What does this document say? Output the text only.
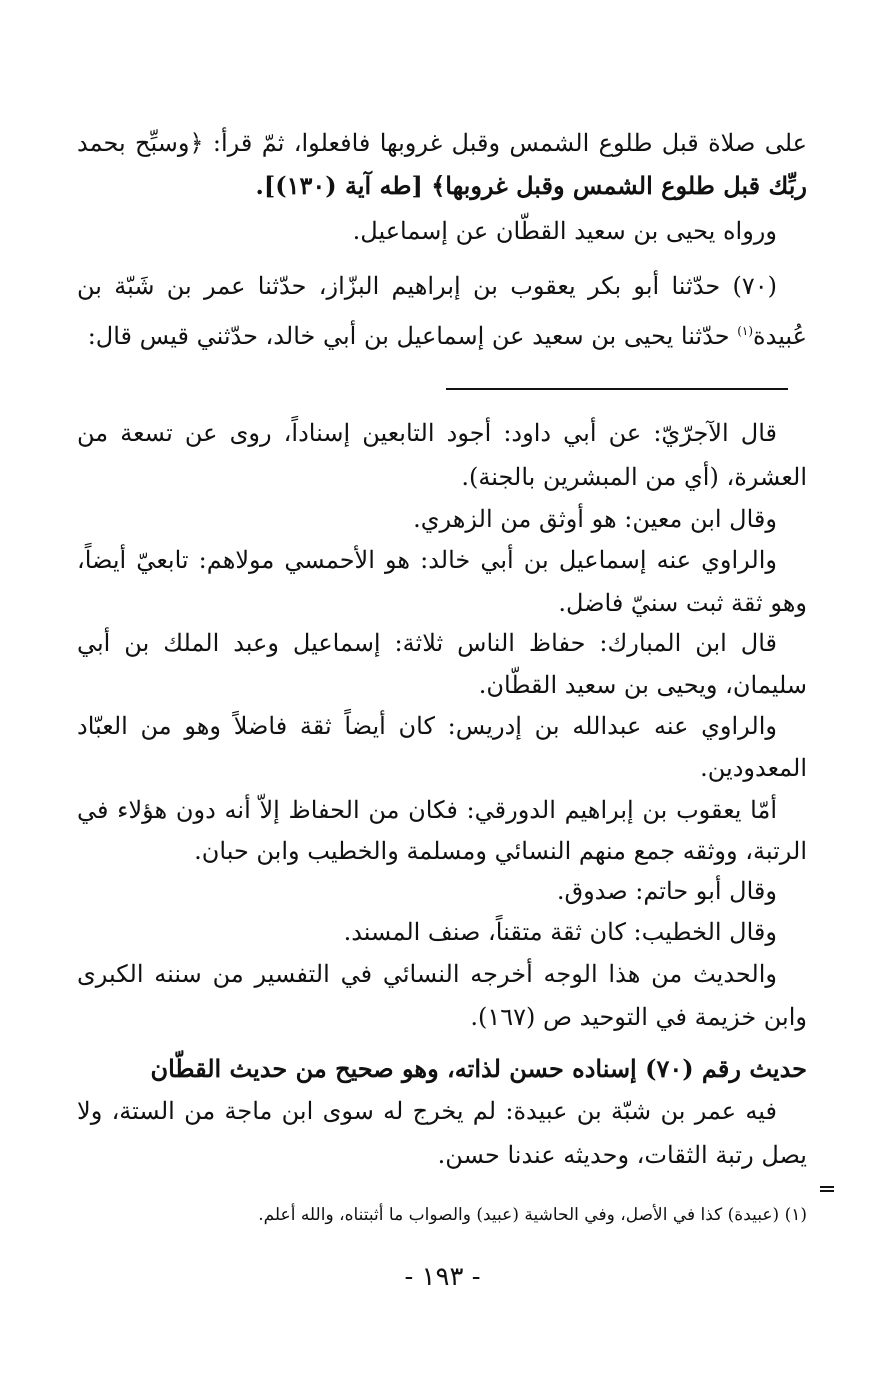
على صلاة قبل طلوع الشمس وقبل غروبها فافعلوا، ثمّ قرأ: ﴿وسبِّح بحمد
ربِّك قبل طلوع الشمس وقبل غروبها﴾ [طه آية (١٣٠)].
ورواه يحيى بن سعيد القطّان عن إسماعيل.
(٧٠) حدّثنا أبو بكر يعقوب بن إبراهيم البزّاز، حدّثنا عمر بن شَبّة بن
عُبيدة$^{(١)}$ حدّثنا يحيى بن سعيد عن إسماعيل بن أبي خالد، حدّثني قيس قال:
قال الآجرّيّ: عن أبي داود: أجود التابعين إسناداً، روى عن تسعة من
العشرة، (أي من المبشرين بالجنة).
وقال ابن معين: هو أوثق من الزهري.
والراوي عنه إسماعيل بن أبي خالد: هو الأحمسي مولاهم: تابعيّ أيضاً،
وهو ثقة ثبت سنيّ فاضل.
قال ابن المبارك: حفاظ الناس ثلاثة: إسماعيل وعبد الملك بن أبي
سليمان، ويحيى بن سعيد القطّان.
والراوي عنه عبدالله بن إدريس: كان أيضاً ثقة فاضلاً وهو من العبّاد
المعدودين.
أمّا يعقوب بن إبراهيم الدورقي: فكان من الحفاظ إلاّ أنه دون هؤلاء في
الرتبة، ووثقه جمع منهم النسائي ومسلمة والخطيب وابن حبان.
وقال أبو حاتم: صدوق.
وقال الخطيب: كان ثقة متقناً، صنف المسند.
والحديث من هذا الوجه أخرجه النسائي في التفسير من سننه الكبرى
وابن خزيمة في التوحيد ص (١٦٧).
حديث رقم (٧٠) إسناده حسن لذاته، وهو صحيح من حديث القطّان
فيه عمر بن شبّة بن عبيدة: لم يخرج له سوى ابن ماجة من الستة، ولا
يصل رتبة الثقات، وحديثه عندنا حسن.
(١) (عبيدة) كذا في الأصل، وفي الحاشية (عبيد) والصواب ما أثبتناه، والله أعلم.
- ١٩٣ -
